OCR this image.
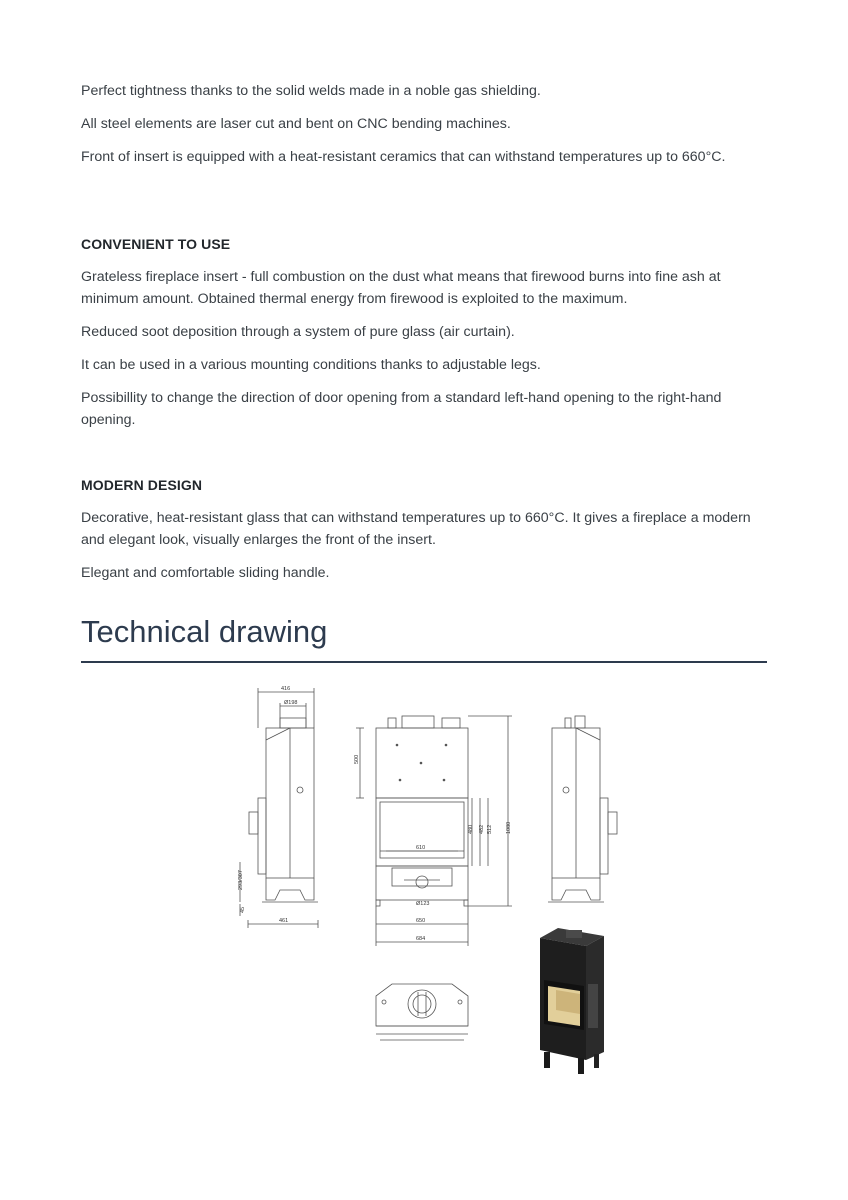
Perfect tightness thanks to the solid welds made in a noble gas shielding.

All steel elements are laser cut and bent on CNC bending machines.

Front of insert is equipped with a heat-resistant ceramics that can withstand temperatures up to 660°C.

CONVENIENT TO USE

Grateless fireplace insert - full combustion on the dust what means that firewood burns into fine ash at minimum amount. Obtained thermal energy from firewood is exploited to the maximum.

Reduced soot deposition through a system of pure glass (air curtain).

It can be used in a various mounting conditions thanks to adjustable legs.

Possibillity to change the direction of door opening from a standard left-hand opening to the right-hand opening.

MODERN DESIGN

Decorative, heat-resistant glass that can withstand temperatures up to 660°C. It gives a fireplace a modern and elegant look, visually enlarges the front of the insert.

Elegant and comfortable sliding handle.

Technical drawing
416
Ø198
293/307
45
461
500
610
480 482 512 1080
Ø123
650
684
